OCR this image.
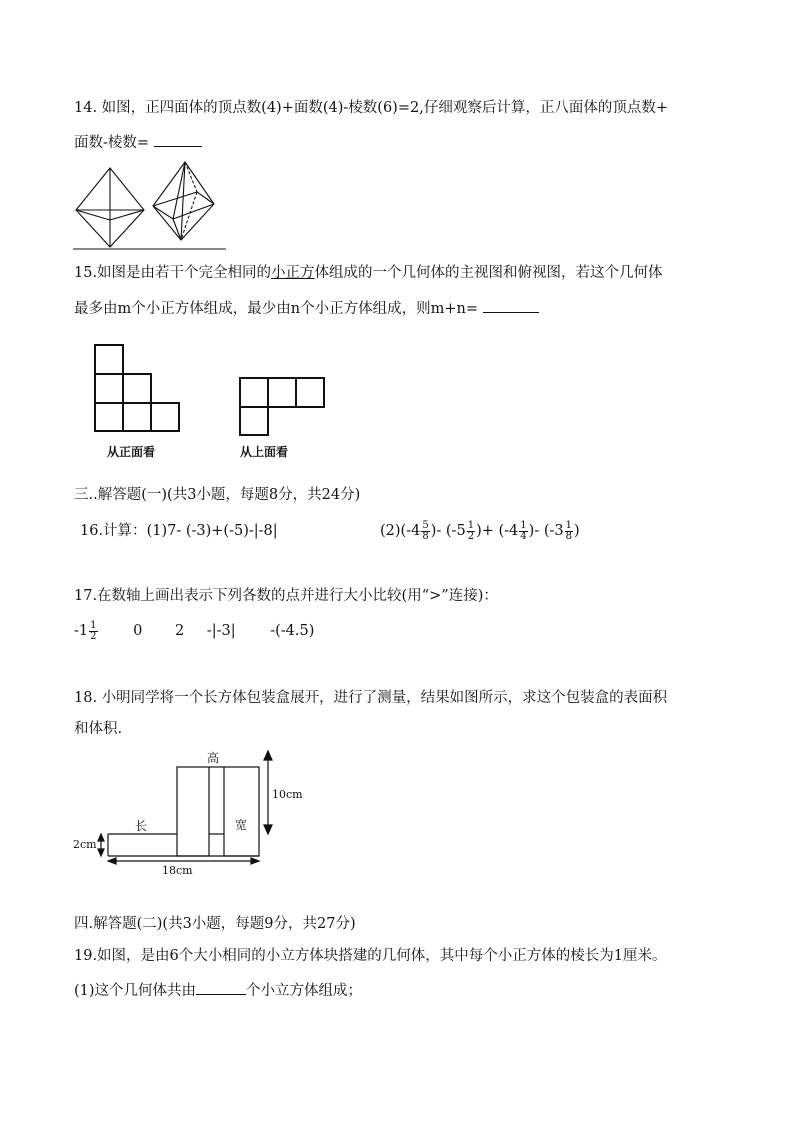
14. 如图，正四面体的顶点数(4)+面数(4)-棱数(6)=2,仔细观察后计算，正八面体的顶点数+
面数-棱数=
15.如图是由若干个完全相同的小正方体组成的一个几何体的主视图和俯视图，若这个几何体
最多由m个小正方体组成，最少由n个小正方体组成，则m+n=
从正面看	从上面看
三..解答题(一)(共3小题，每题8分，共24分)
16.计算：(1)7- (-3)+(-5)-|-8|	$(2)(-4 \frac{5}{8}$ )- ($-5 \frac{1}{2}$ )+ ($-4 \frac{1}{4}$ )- ($-3 \frac{1}{8}$ )
17.在数轴上画出表示下列各数的点并进行大小比较(用“>”连接)：
$-1 \frac{1}{2} 0$ 2 -|-3| -(-4.5)
18. 小明同学将一个长方体包装盒展开，进行了测量，结果如图所示，求这个包装盒的表面积
和体积.
高
宽
长
10cm
2cm
18cm
四.解答题(二)(共3小题，每题9分，共27分)
19.如图，是由6个大小相同的小立方体块搭建的几何体，其中每个小正方体的棱长为1厘米。
(1)这个几何体共由	个小立方体组成；
